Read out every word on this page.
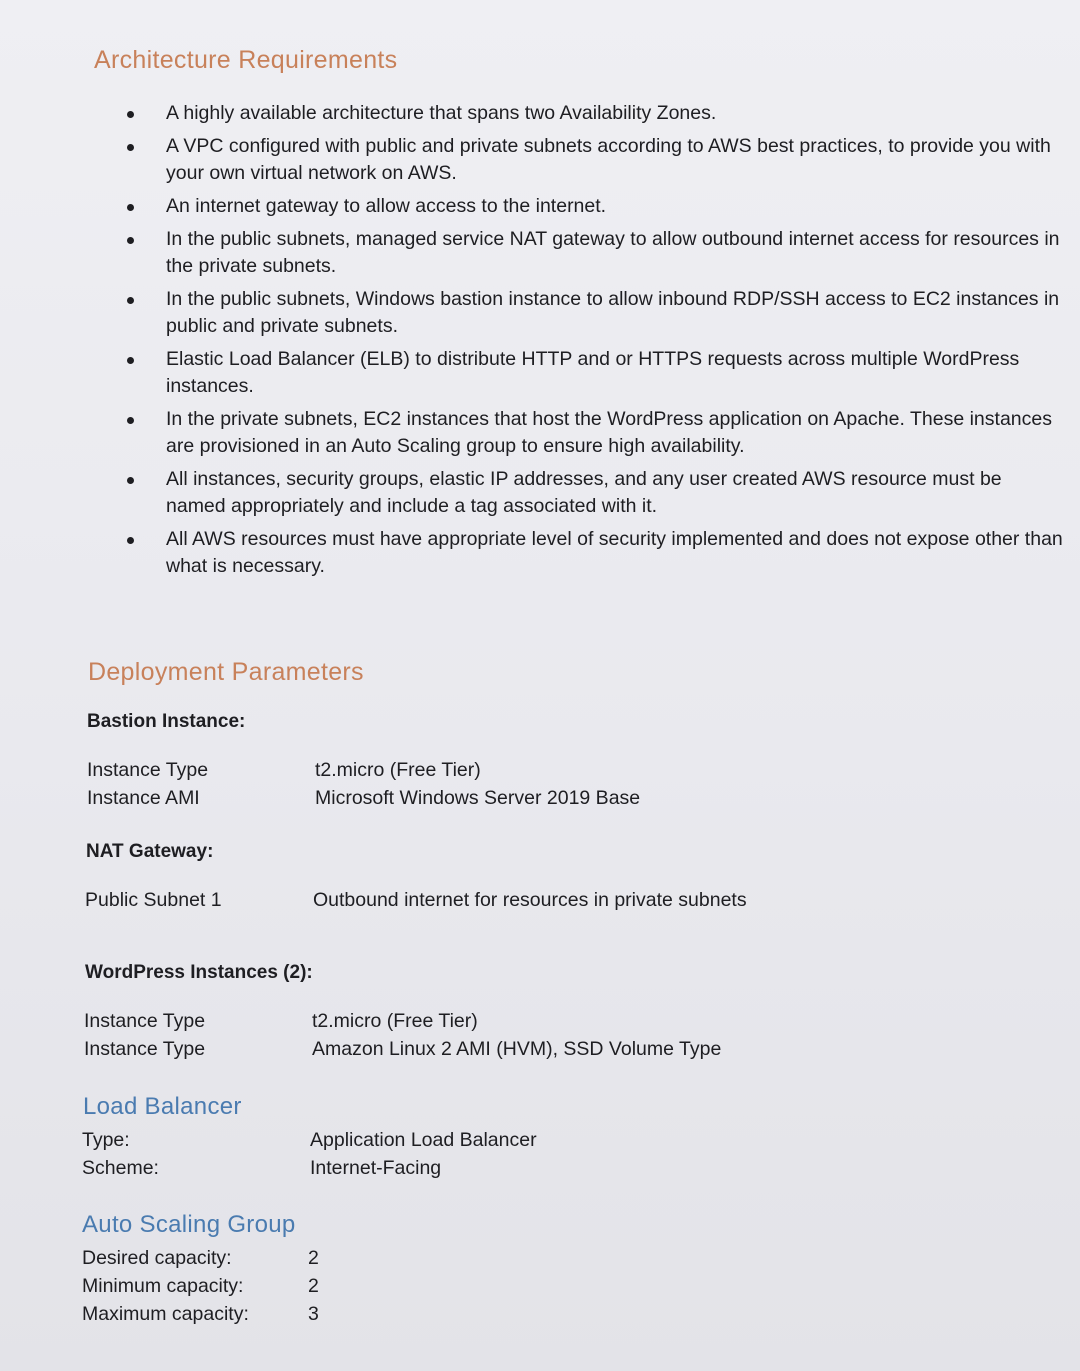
Architecture Requirements
A highly available architecture that spans two Availability Zones.
A VPC configured with public and private subnets according to AWS best practices, to provide you with your own virtual network on AWS.
An internet gateway to allow access to the internet.
In the public subnets, managed service NAT gateway to allow outbound internet access for resources in the private subnets.
In the public subnets, Windows bastion instance to allow inbound RDP/SSH access to EC2 instances in public and private subnets.
Elastic Load Balancer (ELB) to distribute HTTP and or HTTPS requests across multiple WordPress instances.
In the private subnets, EC2 instances that host the WordPress application on Apache. These instances are provisioned in an Auto Scaling group to ensure high availability.
All instances, security groups, elastic IP addresses, and any user created AWS resource must be named appropriately and include a tag associated with it.
All AWS resources must have appropriate level of security implemented and does not expose other than what is necessary.
Deployment Parameters
Bastion Instance:
Instance Type	t2.micro (Free Tier)
Instance AMI	Microsoft Windows Server 2019 Base
NAT Gateway:
Public Subnet 1	Outbound internet for resources in private subnets
WordPress Instances (2):
Instance Type	t2.micro (Free Tier)
Instance Type	Amazon Linux 2 AMI (HVM), SSD Volume Type
Load Balancer
Type:	Application Load Balancer
Scheme:	Internet-Facing
Auto Scaling Group
Desired capacity:	2
Minimum capacity:	2
Maximum capacity:	3
